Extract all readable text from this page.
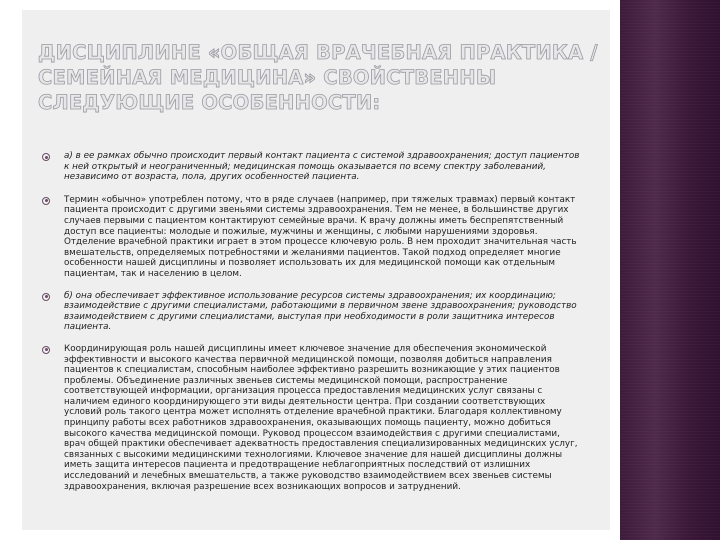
ДИСЦИПЛИНЕ «ОБЩАЯ ВРАЧЕБНАЯ ПРАКТИКА / СЕМЕЙНАЯ МЕДИЦИНА» СВОЙСТВЕННЫ СЛЕДУЮЩИЕ ОСОБЕННОСТИ:
а) в ее рамках обычно происходит первый контакт пациента с системой здравоохранения; доступ пациентов к ней открытый и неограниченный; медицинская помощь оказывается по всему спектру заболеваний, независимо от возраста, пола, других особенностей пациента.
Термин «обычно» употреблен потому, что в ряде случаев (например, при тяжелых травмах) первый контакт пациента происходит с другими звеньями системы здравоохранения. Тем не менее, в большинстве других случаев первыми с пациентом контактируют семейные врачи. К врачу должны иметь беспрепятственный доступ все пациенты: молодые и пожилые, мужчины и женщины, с любыми нарушениями здоровья. Отделение врачебной практики играет в этом процессе ключевую роль. В нем проходит значительная часть вмешательств, определяемых потребностями и желаниями пациентов. Такой подход определяет многие особенности нашей дисциплины и позволяет использовать их для медицинской помощи как отдельным пациентам, так и населению в целом.
б) она обеспечивает эффективное использование ресурсов системы здравоохранения; их координацию; взаимодействие с другими специалистами, работающими в первичном звене здравоохранения; руководство взаимодействием с другими специалистами, выступая при необходимости в роли защитника интересов пациента.
Координирующая роль нашей дисциплины имеет ключевое значение для обеспечения экономической эффективности и высокого качества первичной медицинской помощи, позволяя добиться направления пациентов к специалистам, способным наиболее эффективно разрешить возникающие у этих пациентов проблемы. Объединение различных звеньев системы медицинской помощи, распространение соответствующей информации, организация процесса предоставления медицинских услуг связаны с наличием единого координирующего эти виды деятельности центра. При создании соответствующих условий роль такого центра может исполнять отделение врачебной практики. Благодаря коллективному принципу работы всех работников здравоохранения, оказывающих помощь пациенту, можно добиться высокого качества медицинской помощи. Руковод процессом взаимодействия с другими специалистами, врач общей практики обеспечивает адекватность предоставления специализированных медицинских услуг, связанных с высокими медицинскими технологиями. Ключевое значение для нашей дисциплины должны иметь защита интересов пациента и предотвращение неблагоприятных последствий от излишних исследований и лечебных вмешательств, а также руководство взаимодействием всех звеньев системы здравоохранения, включая разрешение всех возникающих вопросов и затруднений.
